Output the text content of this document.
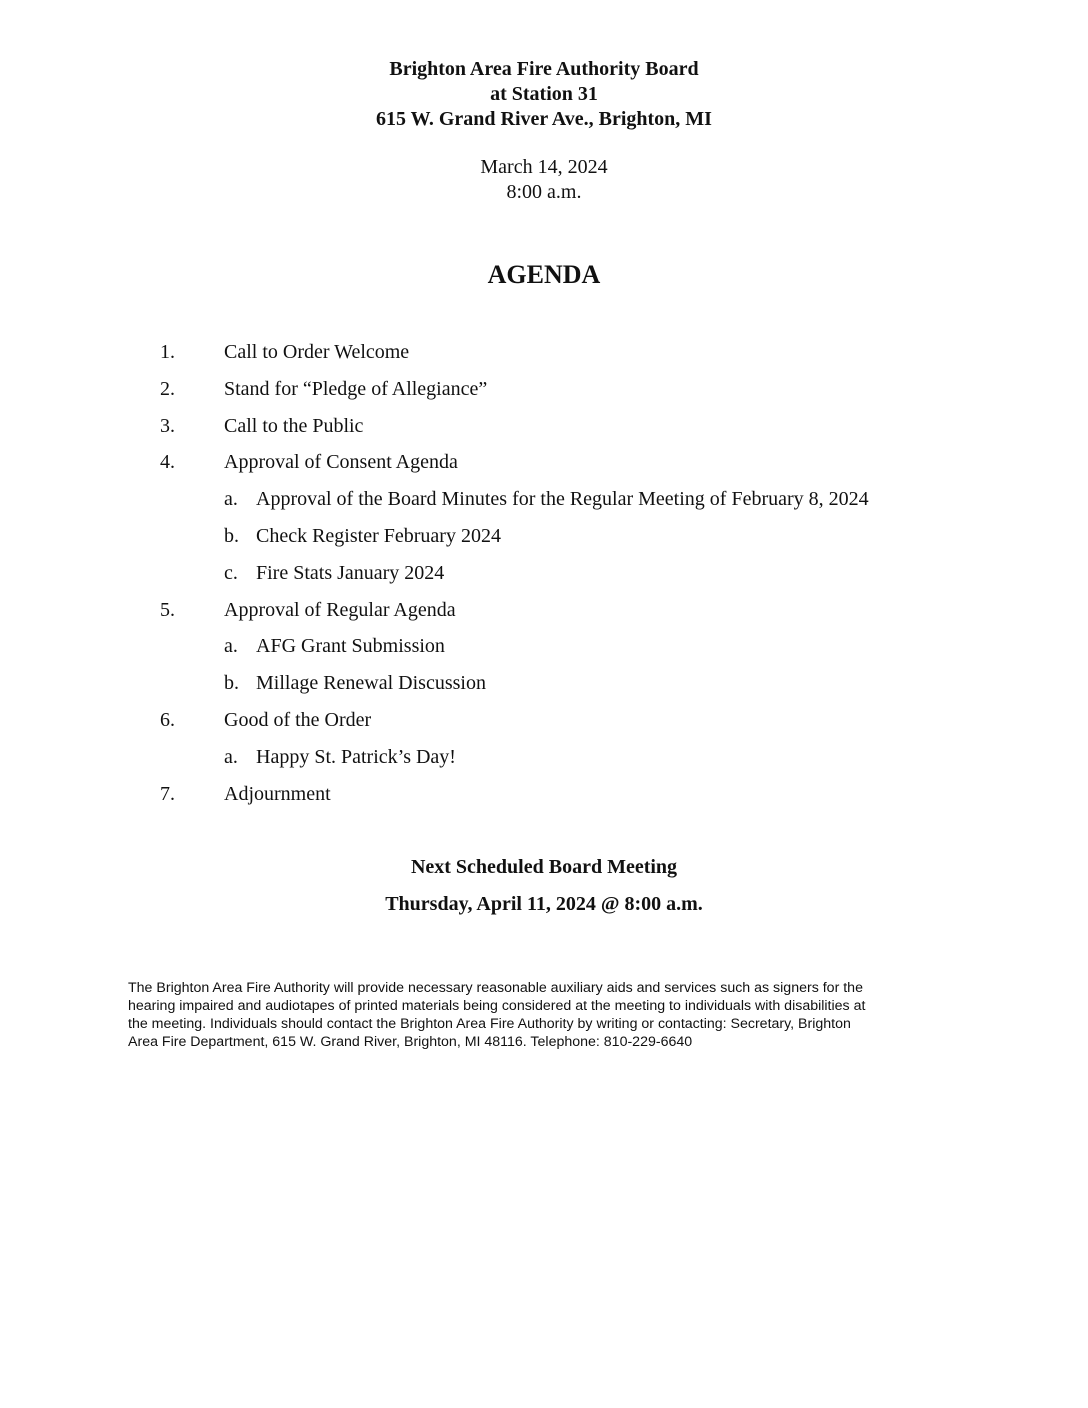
Brighton Area Fire Authority Board
at Station 31
615 W. Grand River Ave., Brighton, MI
March 14, 2024
8:00 a.m.
AGENDA
1. Call to Order Welcome
2. Stand for “Pledge of Allegiance”
3. Call to the Public
4. Approval of Consent Agenda
a. Approval of the Board Minutes for the Regular Meeting of February 8, 2024
b. Check Register February 2024
c. Fire Stats January 2024
5. Approval of Regular Agenda
a. AFG Grant Submission
b. Millage Renewal Discussion
6. Good of the Order
a. Happy St. Patrick’s Day!
7. Adjournment
Next Scheduled Board Meeting
Thursday, April 11, 2024 @ 8:00 a.m.
The Brighton Area Fire Authority will provide necessary reasonable auxiliary aids and services such as signers for the
hearing impaired and audiotapes of printed materials being considered at the meeting to individuals with disabilities at
the meeting. Individuals should contact the Brighton Area Fire Authority by writing or contacting: Secretary, Brighton
Area Fire Department, 615 W. Grand River, Brighton, MI 48116. Telephone: 810-229-6640
